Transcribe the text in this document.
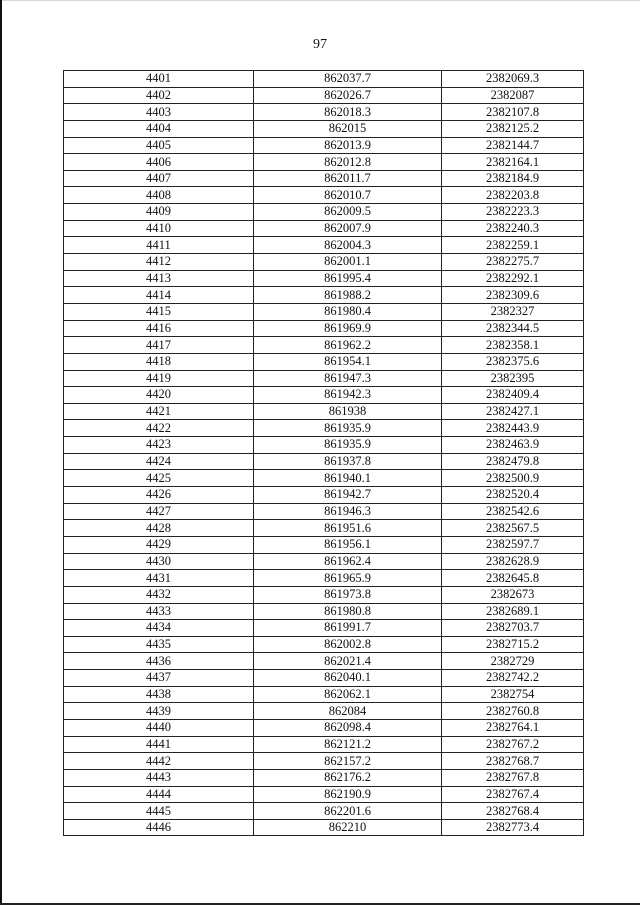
97
4401	862037.7	2382069.3
4402	862026.7	2382087
4403	862018.3	2382107.8
4404	862015	2382125.2
4405	862013.9	2382144.7
4406	862012.8	2382164.1
4407	862011.7	2382184.9
4408	862010.7	2382203.8
4409	862009.5	2382223.3
4410	862007.9	2382240.3
4411	862004.3	2382259.1
4412	862001.1	2382275.7
4413	861995.4	2382292.1
4414	861988.2	2382309.6
4415	861980.4	2382327
4416	861969.9	2382344.5
4417	861962.2	2382358.1
4418	861954.1	2382375.6
4419	861947.3	2382395
4420	861942.3	2382409.4
4421	861938	2382427.1
4422	861935.9	2382443.9
4423	861935.9	2382463.9
4424	861937.8	2382479.8
4425	861940.1	2382500.9
4426	861942.7	2382520.4
4427	861946.3	2382542.6
4428	861951.6	2382567.5
4429	861956.1	2382597.7
4430	861962.4	2382628.9
4431	861965.9	2382645.8
4432	861973.8	2382673
4433	861980.8	2382689.1
4434	861991.7	2382703.7
4435	862002.8	2382715.2
4436	862021.4	2382729
4437	862040.1	2382742.2
4438	862062.1	2382754
4439	862084	2382760.8
4440	862098.4	2382764.1
4441	862121.2	2382767.2
4442	862157.2	2382768.7
4443	862176.2	2382767.8
4444	862190.9	2382767.4
4445	862201.6	2382768.4
4446	862210	2382773.4
